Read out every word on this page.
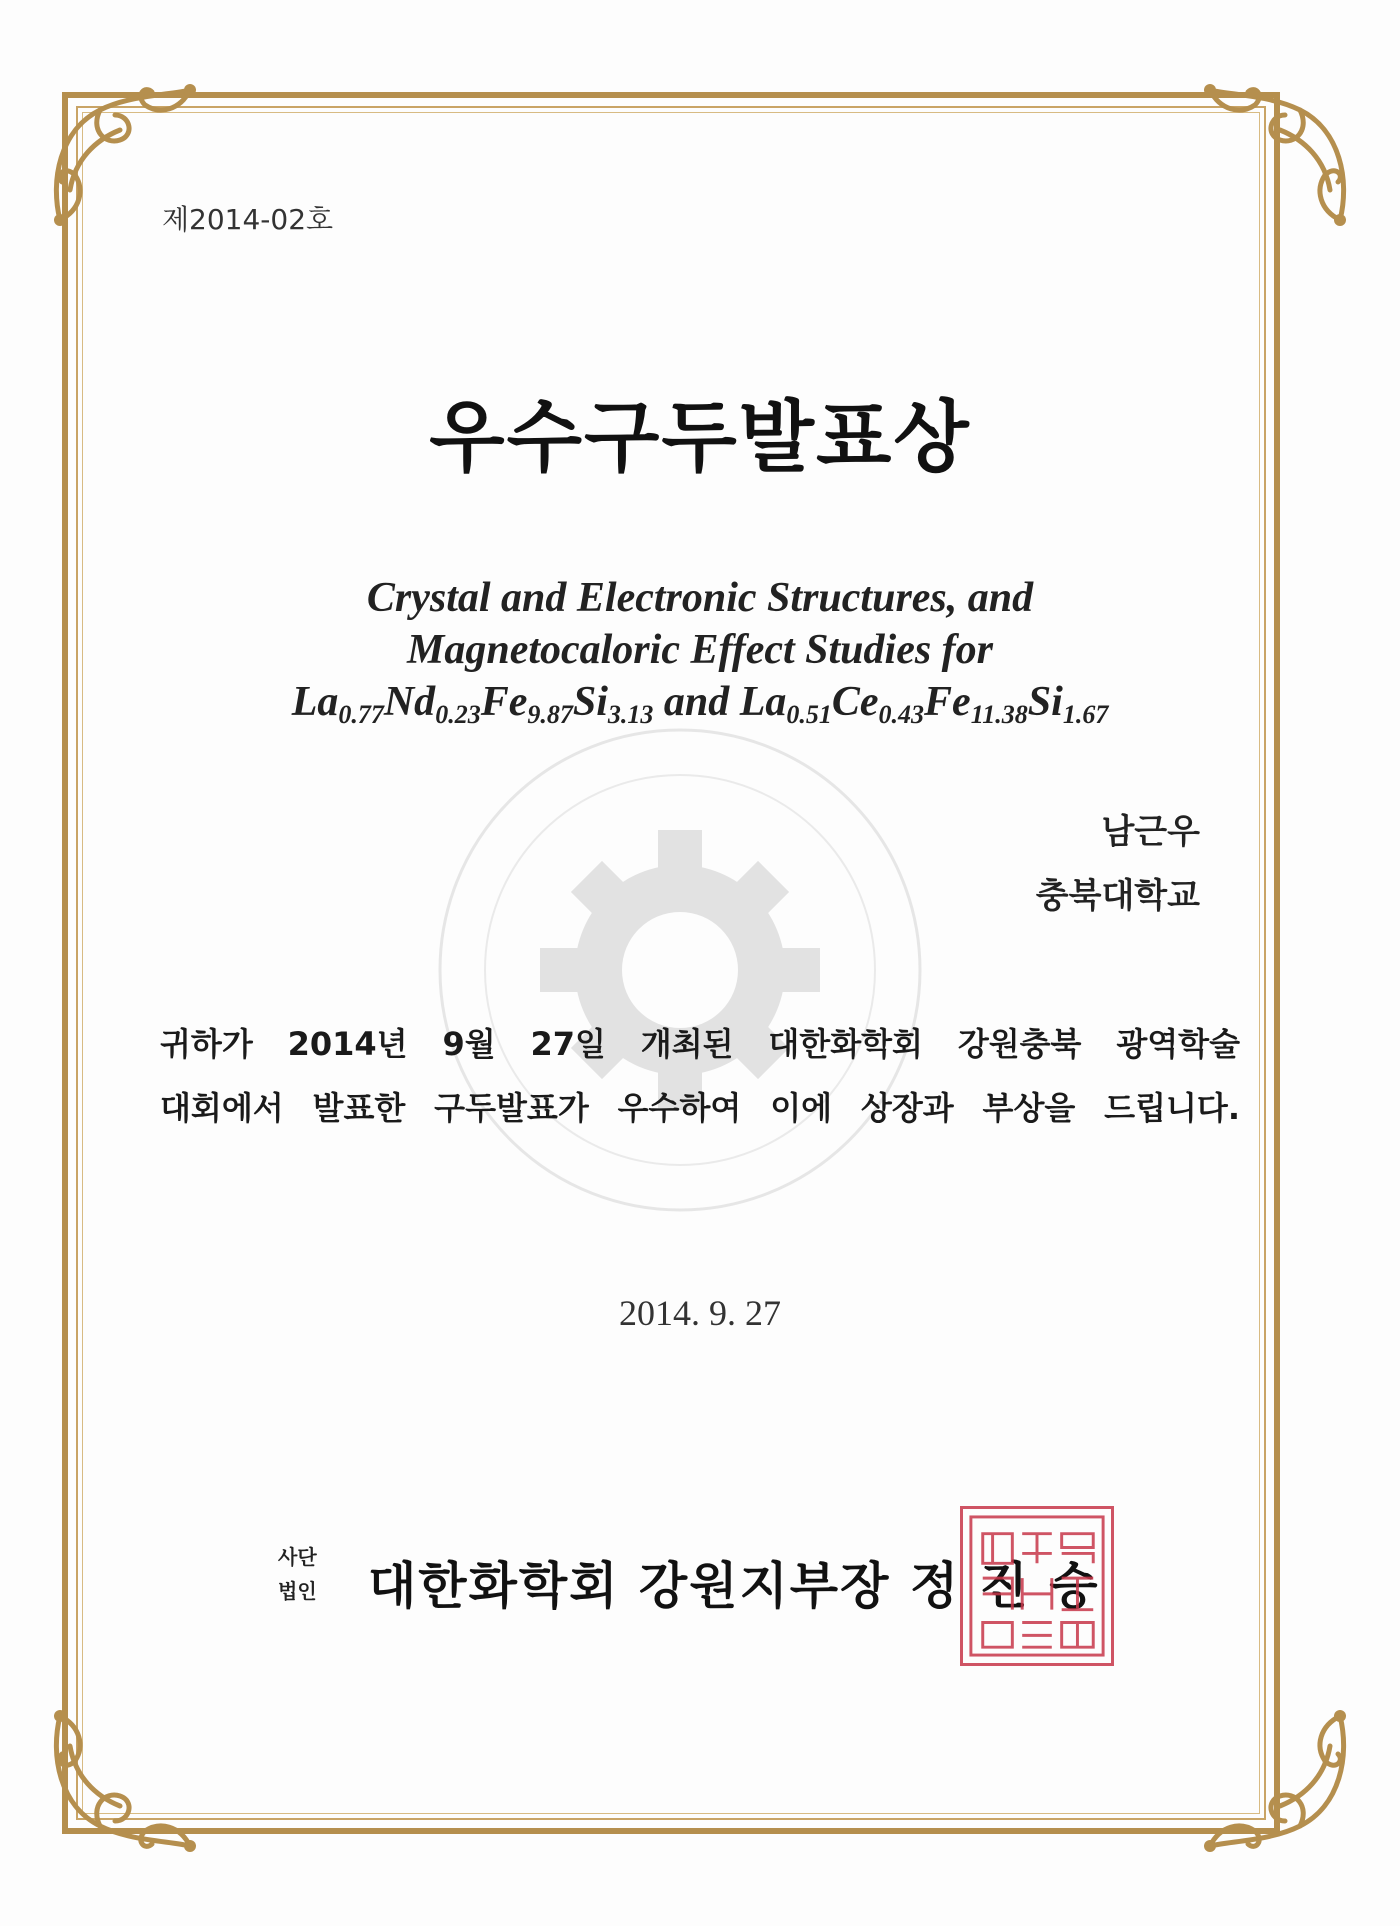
제2014-02호
우수구두발표상
Crystal and Electronic Structures, and
Magnetocaloric Effect Studies for
$La_{0.77}Nd_{0.23}Fe_{9.87}Si_{3.13}$ and $La_{0.51}Ce_{0.43}Fe_{11.38}Si_{1.67}$
남근우
충북대학교
귀하가 2014년 9월 27일 개최된 대한화학회 강원충북 광역학술
대회에서 발표한 구두발표가 우수하여 이에 상장과 부상을 드립니다.
2014. 9. 27
사단
법인 대한화학회 강원지부장 정 진 승
